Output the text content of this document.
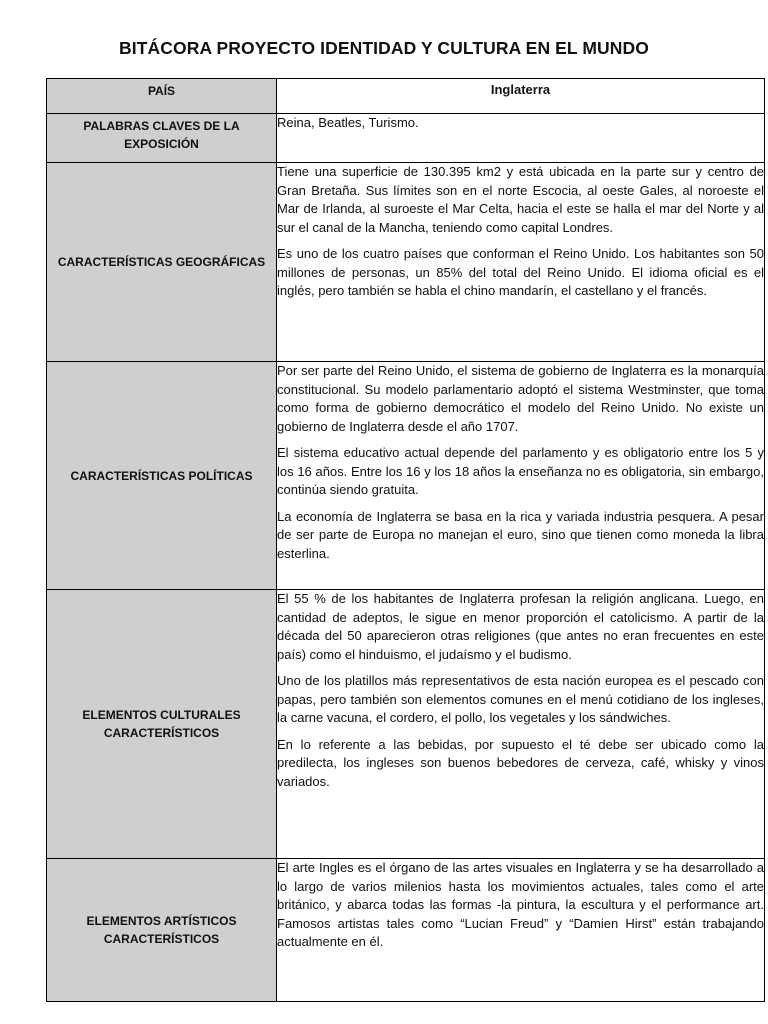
BITÁCORA PROYECTO IDENTIDAD Y CULTURA EN EL MUNDO
PAÍS	Inglaterra

PALABRAS CLAVES DE LA EXPOSICIÓN	Reina, Beatles, Turismo.

CARACTERÍSTICAS GEOGRÁFICAS	Tiene una superficie de 130.395 km2 y está ubicada en la parte sur y centro de Gran Bretaña. Sus límites son en el norte Escocia, al oeste Gales, al noroeste el Mar de Irlanda, al suroeste el Mar Celta, hacia el este se halla el mar del Norte y al sur el canal de la Mancha, teniendo como capital Londres.

Es uno de los cuatro países que conforman el Reino Unido. Los habitantes son 50 millones de personas, un 85% del total del Reino Unido. El idioma oficial es el inglés, pero también se habla el chino mandarín, el castellano y el francés.

CARACTERÍSTICAS POLÍTICAS	Por ser parte del Reino Unido, el sistema de gobierno de Inglaterra es la monarquía constitucional. Su modelo parlamentario adoptó el sistema Westminster, que toma como forma de gobierno democrático el modelo del Reino Unido. No existe un gobierno de Inglaterra desde el año 1707.

El sistema educativo actual depende del parlamento y es obligatorio entre los 5 y los 16 años. Entre los 16 y los 18 años la enseñanza no es obligatoria, sin embargo, continúa siendo gratuita.

La economía de Inglaterra se basa en la rica y variada industria pesquera. A pesar de ser parte de Europa no manejan el euro, sino que tienen como moneda la libra esterlina.

ELEMENTOS CULTURALES CARACTERÍSTICOS	El 55 % de los habitantes de Inglaterra profesan la religión anglicana. Luego, en cantidad de adeptos, le sigue en menor proporción el catolicismo. A partir de la década del 50 aparecieron otras religiones (que antes no eran frecuentes en este país) como el hinduismo, el judaísmo y el budismo.

Uno de los platillos más representativos de esta nación europea es el pescado con papas, pero también son elementos comunes en el menú cotidiano de los ingleses, la carne vacuna, el cordero, el pollo, los vegetales y los sándwiches.

En lo referente a las bebidas, por supuesto el té debe ser ubicado como la predilecta, los ingleses son buenos bebedores de cerveza, café, whisky y vinos variados.

ELEMENTOS ARTÍSTICOS CARACTERÍSTICOS	El arte Ingles es el órgano de las artes visuales en Inglaterra y se ha desarrollado a lo largo de varios milenios hasta los movimientos actuales, tales como el arte británico, y abarca todas las formas -la pintura, la escultura y el performance art. Famosos artistas tales como “Lucian Freud” y “Damien Hirst” están trabajando actualmente en él.
